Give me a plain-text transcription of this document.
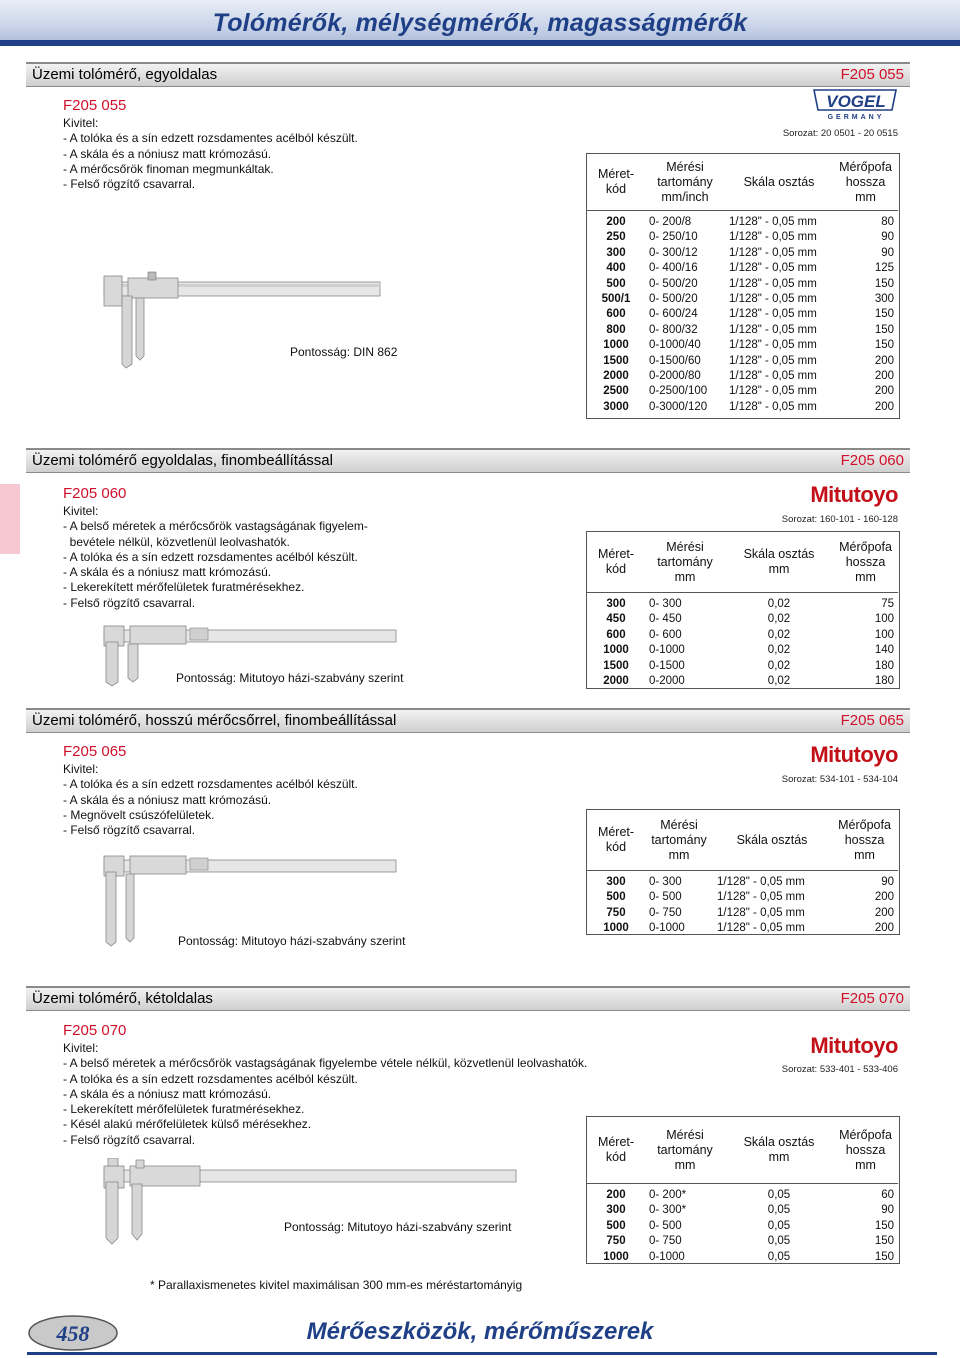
Tolómérők, mélységmérők, magasságmérők
Üzemi tolómérő, egyoldalas	F205 055
F205 055
Kivitel:
- A tolóka és a sín edzett rozsdamentes acélból készült.
- A skála és a nóniusz matt krómozású.
- A mérőcsőrök finoman megmunkáltak.
- Felső rögzítő csavarral.
VOGEL
GERMANY
Sorozat: 20 0501 - 20 0515
Pontosság: DIN 862
Méret-
kód	Mérési
tartomány
mm/inch	Skála osztás	Mérőpofa
hossza
mm
200	0- 200/8	1/128" - 0,05 mm	80
250	0- 250/10	1/128" - 0,05 mm	90
300	0- 300/12	1/128" - 0,05 mm	90
400	0- 400/16	1/128" - 0,05 mm	125
500	0- 500/20	1/128" - 0,05 mm	150
500/1	0- 500/20	1/128" - 0,05 mm	300
600	0- 600/24	1/128" - 0,05 mm	150
800	0- 800/32	1/128" - 0,05 mm	150
1000	0-1000/40	1/128" - 0,05 mm	150
1500	0-1500/60	1/128" - 0,05 mm	200
2000	0-2000/80	1/128" - 0,05 mm	200
2500	0-2500/100	1/128" - 0,05 mm	200
3000	0-3000/120	1/128" - 0,05 mm	200
Üzemi tolómérő egyoldalas, finombeállítással	F205 060
F205 060
Kivitel:
- A belső méretek a mérőcsőrök vastagságának figyelem-
bevétele nélkül, közvetlenül leolvashatók.
- A tolóka és a sín edzett rozsdamentes acélból készült.
- A skála és a nóniusz matt krómozású.
- Lekerekített mérőfelületek furatmérésekhez.
- Felső rögzítő csavarral.
Mitutoyo
Sorozat: 160-101 - 160-128
Pontosság: Mitutoyo házi-szabvány szerint
Méret-
kód	Mérési
tartomány
mm	Skála osztás
mm	Mérőpofa
hossza
mm
300	0- 300	0,02	75
450	0- 450	0,02	100
600	0- 600	0,02	100
1000	0-1000	0,02	140
1500	0-1500	0,02	180
2000	0-2000	0,02	180
Üzemi tolómérő, hosszú mérőcsőrrel, finombeállítással	F205 065
F205 065
Kivitel:
- A tolóka és a sín edzett rozsdamentes acélból készült.
- A skála és a nóniusz matt krómozású.
- Megnövelt csúszófelületek.
- Felső rögzítő csavarral.
Mitutoyo
Sorozat: 534-101 - 534-104
Pontosság: Mitutoyo házi-szabvány szerint
Méret-
kód	Mérési
tartomány
mm	Skála osztás	Mérőpofa
hossza
mm
300	0- 300	1/128" - 0,05 mm	90
500	0- 500	1/128" - 0,05 mm	200
750	0- 750	1/128" - 0,05 mm	200
1000	0-1000	1/128" - 0,05 mm	200
Üzemi tolómérő, kétoldalas	F205 070
F205 070
Kivitel:
- A belső méretek a mérőcsőrök vastagságának figyelembe vétele nélkül, közvetlenül leolvashatók.
- A tolóka és a sín edzett rozsdamentes acélból készült.
- A skála és a nóniusz matt krómozású.
- Lekerekített mérőfelületek furatmérésekhez.
- Késél alakú mérőfelületek külső mérésekhez.
- Felső rögzítő csavarral.
Mitutoyo
Sorozat: 533-401 - 533-406
Pontosság: Mitutoyo házi-szabvány szerint
Méret-
kód	Mérési
tartomány
mm	Skála osztás
mm	Mérőpofa
hossza
mm
200	0- 200*	0,05	60
300	0- 300*	0,05	90
500	0- 500	0,05	150
750	0- 750	0,05	150
1000	0-1000	0,05	150
* Parallaxismenetes kivitel maximálisan 300 mm-es méréstartományig
458	Mérőeszközök, mérőműszerek
